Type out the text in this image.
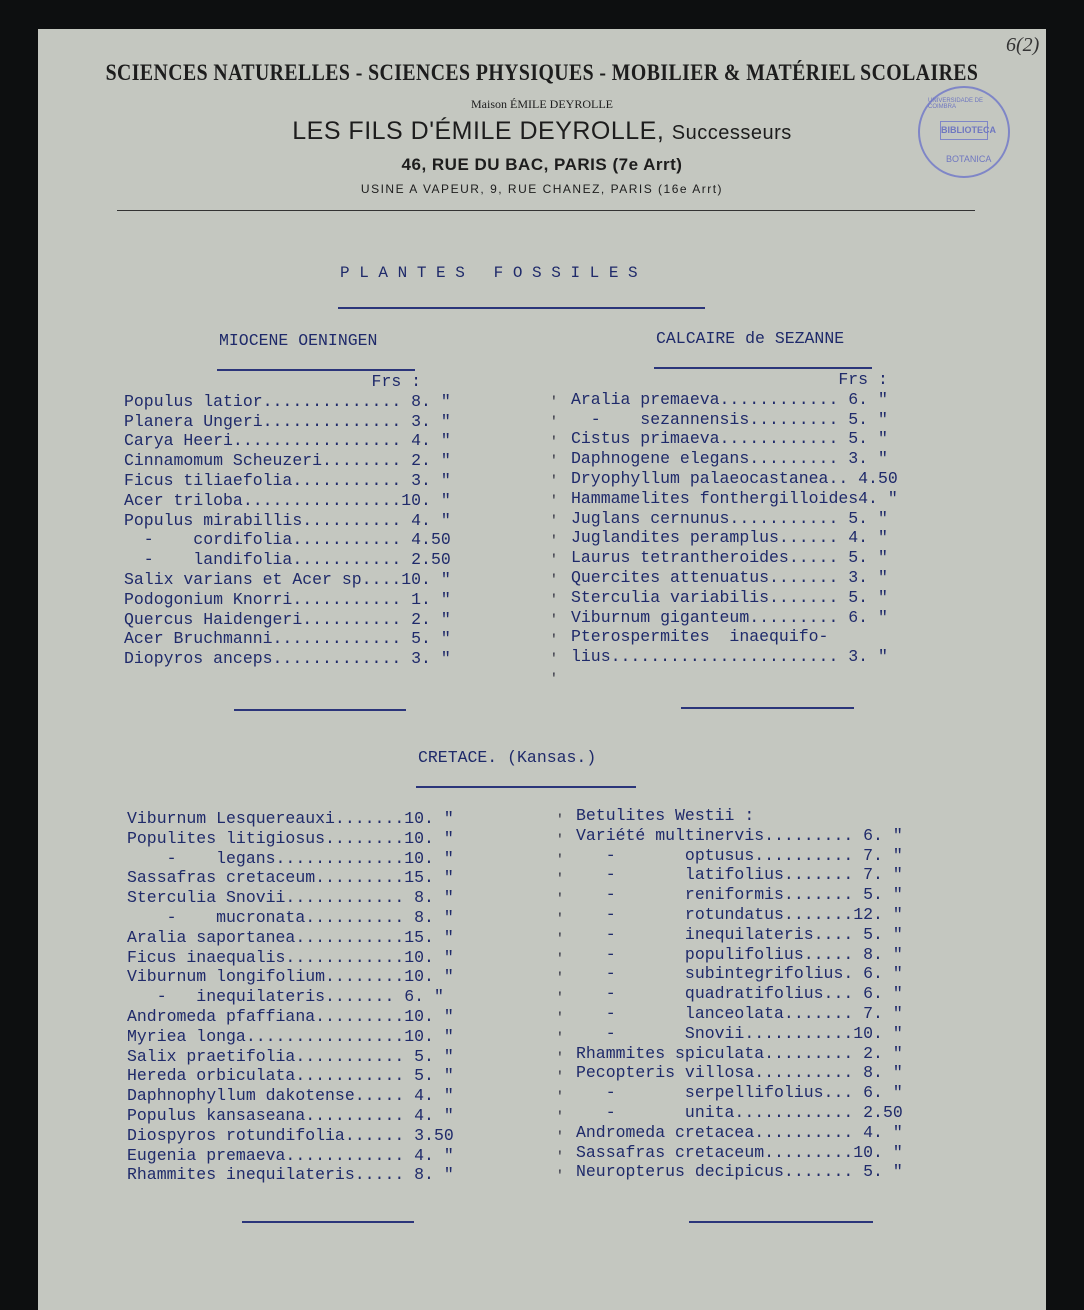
SCIENCES NATURELLES - SCIENCES PHYSIQUES - MOBILIER & MATÉRIEL SCOLAIRES
Maison ÉMILE DEYROLLE
LES FILS D'ÉMILE DEYROLLE, Successeurs
46, RUE DU BAC, PARIS (7e Arrt)
USINE A VAPEUR, 9, RUE CHANEZ, PARIS (16e Arrt)
6(2)
UNIVERSIDADE DE COIMBRA
BIBLIOTECA
BOTANICA
P L A N T E S   F O S S I L E S
MIOCENE OENINGEN	CALCAIRE de SEZANNE
Frs :
Populus latior.............. 8. "
Planera Ungeri.............. 3. "
Carya Heeri................. 4. "
Cinnamomum Scheuzeri........ 2. "
Ficus tiliaefolia........... 3. "
Acer triloba................10. "
Populus mirabillis.......... 4. "
-    cordifolia........... 4.50
-    landifolia........... 2.50
Salix varians et Acer sp....10. "
Podogonium Knorri........... 1. "
Quercus Haidengeri.......... 2. "
Acer Bruchmanni............. 5. "
Diopyros anceps............. 3. "
Frs :
Aralia premaeva............ 6. "
-    sezannensis......... 5. "
Cistus primaeva............ 5. "
Daphnogene elegans......... 3. "
Dryophyllum palaeocastanea.. 4.50
Hammamelites fonthergilloides4. "
Juglans cernunus........... 5. "
Juglandites peramplus...... 4. "
Laurus tetrantheroides..... 5. "
Quercites attenuatus....... 3. "
Sterculia variabilis....... 5. "
Viburnum giganteum......... 6. "
Pterospermites  inaequifo-
lius....................... 3. "
'
'
'
'
'
'
'
'
'
'
'
'
'
'
'
CRETACE. (Kansas.)
Viburnum Lesquereauxi.......10. "
Populites litigiosus........10. "
-    legans.............10. "
Sassafras cretaceum.........15. "
Sterculia Snovii............ 8. "
-    mucronata.......... 8. "
Aralia saportanea...........15. "
Ficus inaequalis............10. "
Viburnum longifolium........10. "
-   inequilateris....... 6. "
Andromeda pfaffiana.........10. "
Myriea longa................10. "
Salix praetifolia........... 5. "
Hereda orbiculata........... 5. "
Daphnophyllum dakotense..... 4. "
Populus kansaseana.......... 4. "
Diospyros rotundifolia...... 3.50
Eugenia premaeva............ 4. "
Rhammites inequilateris..... 8. "
Betulites Westii :
Variété multinervis......... 6. "
-       optusus.......... 7. "
-       latifolius....... 7. "
-       reniformis....... 5. "
-       rotundatus.......12. "
-       inequilateris.... 5. "
-       populifolius..... 8. "
-       subintegrifolius. 6. "
-       quadratifolius... 6. "
-       lanceolata....... 7. "
-       Snovii...........10. "
Rhammites spiculata......... 2. "
Pecopteris villosa.......... 8. "
-       serpellifolius... 6. "
-       unita............ 2.50
Andromeda cretacea.......... 4. "
Sassafras cretaceum.........10. "
Neuropterus decipicus....... 5. "
'
'
'
'
'
'
'
'
'
'
'
'
'
'
'
'
'
'
'
